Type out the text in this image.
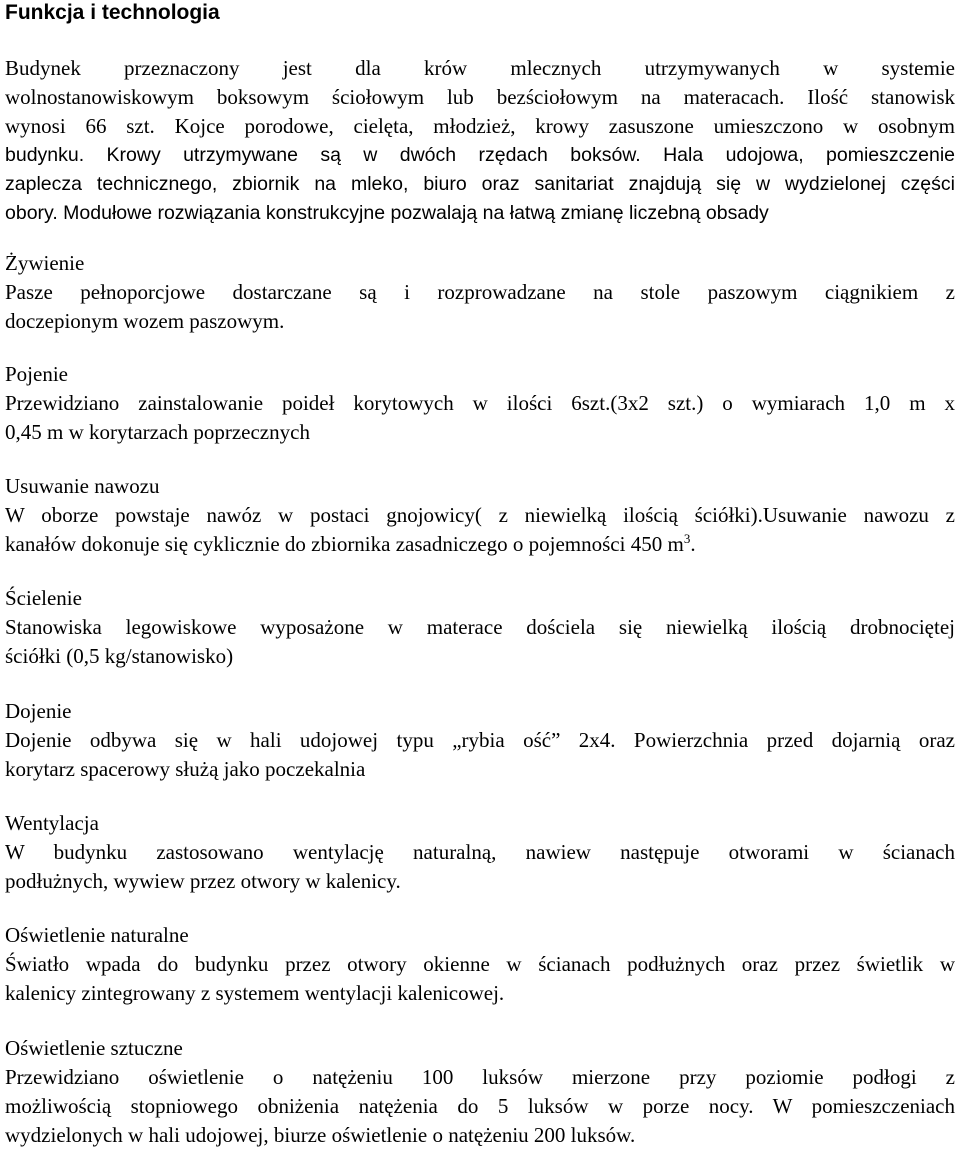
Funkcja i technologia
Budynek przeznaczony jest dla krów mlecznych utrzymywanych w systemie
wolnostanowiskowym boksowym ściołowym lub bezściołowym na materacach. Ilość stanowisk
wynosi 66 szt. Kojce porodowe, cielęta, młodzież, krowy zasuszone umieszczono w osobnym
budynku. Krowy utrzymywane są w dwóch rzędach boksów. Hala udojowa, pomieszczenie
zaplecza technicznego, zbiornik na mleko, biuro oraz sanitariat znajdują się w wydzielonej części
obory. Modułowe rozwiązania konstrukcyjne pozwalają na łatwą zmianę liczebną obsady
Żywienie
Pasze pełnoporcjowe dostarczane są i rozprowadzane na stole paszowym ciągnikiem z
doczepionym wozem paszowym.
Pojenie
Przewidziano zainstalowanie poideł korytowych w ilości 6szt.(3x2 szt.) o wymiarach 1,0 m x
0,45 m w korytarzach poprzecznych
Usuwanie nawozu
W oborze powstaje nawóz w postaci gnojowicy( z niewielką ilością ściółki).Usuwanie nawozu z
kanałów dokonuje się cyklicznie do zbiornika zasadniczego o pojemności 450 $m^3$.
Ścielenie
Stanowiska legowiskowe wyposażone w materace dościela się niewielką ilością drobnociętej
ściółki (0,5 kg/stanowisko)
Dojenie
Dojenie odbywa się w hali udojowej typu „rybia ość” 2x4. Powierzchnia przed dojarnią oraz
korytarz spacerowy służą jako poczekalnia
Wentylacja
W budynku zastosowano wentylację naturalną, nawiew następuje otworami w ścianach
podłużnych, wywiew przez otwory w kalenicy.
Oświetlenie naturalne
Światło wpada do budynku przez otwory okienne w ścianach podłużnych oraz przez świetlik w
kalenicy zintegrowany z systemem wentylacji kalenicowej.
Oświetlenie sztuczne
Przewidziano oświetlenie o natężeniu 100 luksów mierzone przy poziomie podłogi z
możliwością stopniowego obniżenia natężenia do 5 luksów w porze nocy. W pomieszczeniach
wydzielonych w hali udojowej, biurze oświetlenie o natężeniu 200 luksów.
